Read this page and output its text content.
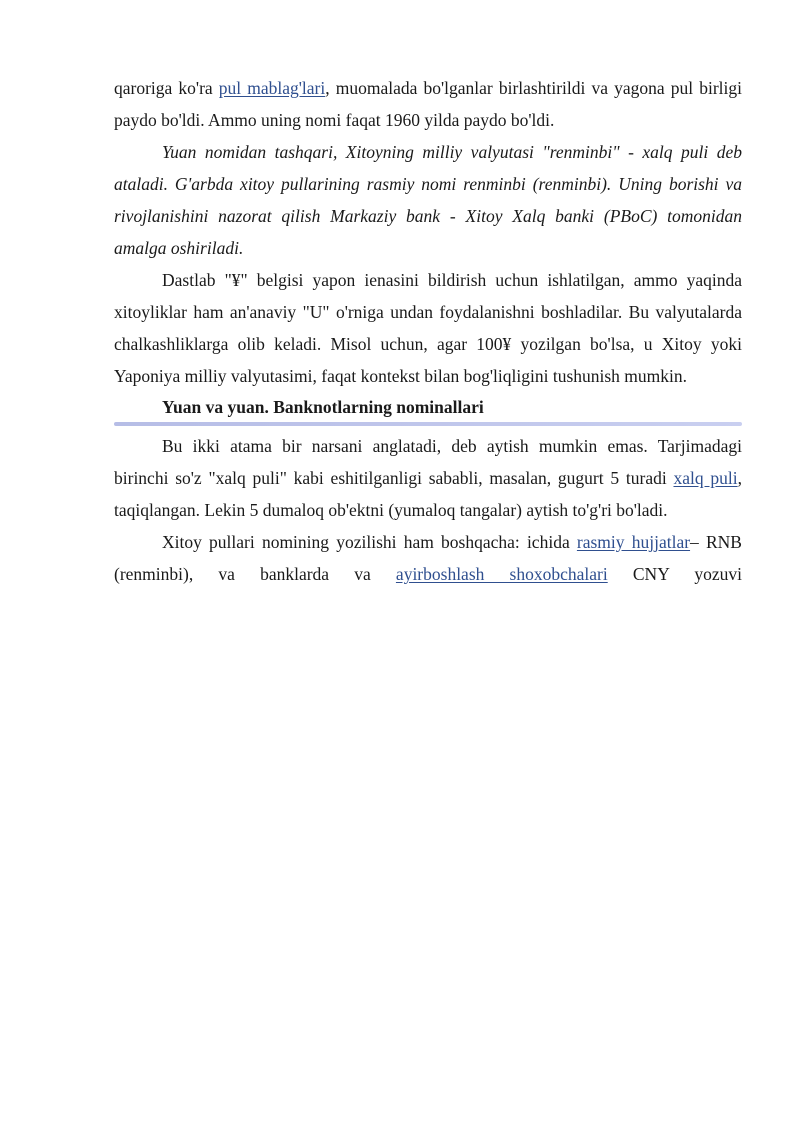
qaroriga ko'ra pul mablag'lari, muomalada bo'lganlar birlashtirildi va yagona pul birligi paydo bo'ldi. Ammo uning nomi faqat 1960 yilda paydo bo'ldi.

Yuan nomidan tashqari, Xitoyning milliy valyutasi "renminbi" - xalq puli deb ataladi. G'arbda xitoy pullarining rasmiy nomi renminbi (renminbi). Uning borishi va rivojlanishini nazorat qilish Markaziy bank - Xitoy Xalq banki (PBoC) tomonidan amalga oshiriladi.

Dastlab "¥" belgisi yapon ienasini bildirish uchun ishlatilgan, ammo yaqinda xitoyliklar ham an'anaviy "U" o'rniga undan foydalanishni boshladilar. Bu valyutalarda chalkashliklarga olib keladi. Misol uchun, agar 100¥ yozilgan bo'lsa, u Xitoy yoki Yaponiya milliy valyutasimi, faqat kontekst bilan bog'liqligini tushunish mumkin.

Yuan va yuan. Banknotlarning nominallari

Bu ikki atama bir narsani anglatadi, deb aytish mumkin emas. Tarjimadagi birinchi so'z "xalq puli" kabi eshitilganligi sababli, masalan, gugurt 5 turadi xalq puli, taqiqlangan. Lekin 5 dumaloq ob'ektni (yumaloq tangalar) aytish to'g'ri bo'ladi.

Xitoy pullari nomining yozilishi ham boshqacha: ichida rasmiy hujjatlar– RNB (renminbi), va banklarda va ayirboshlash shoxobchalari CNY yozuvi
